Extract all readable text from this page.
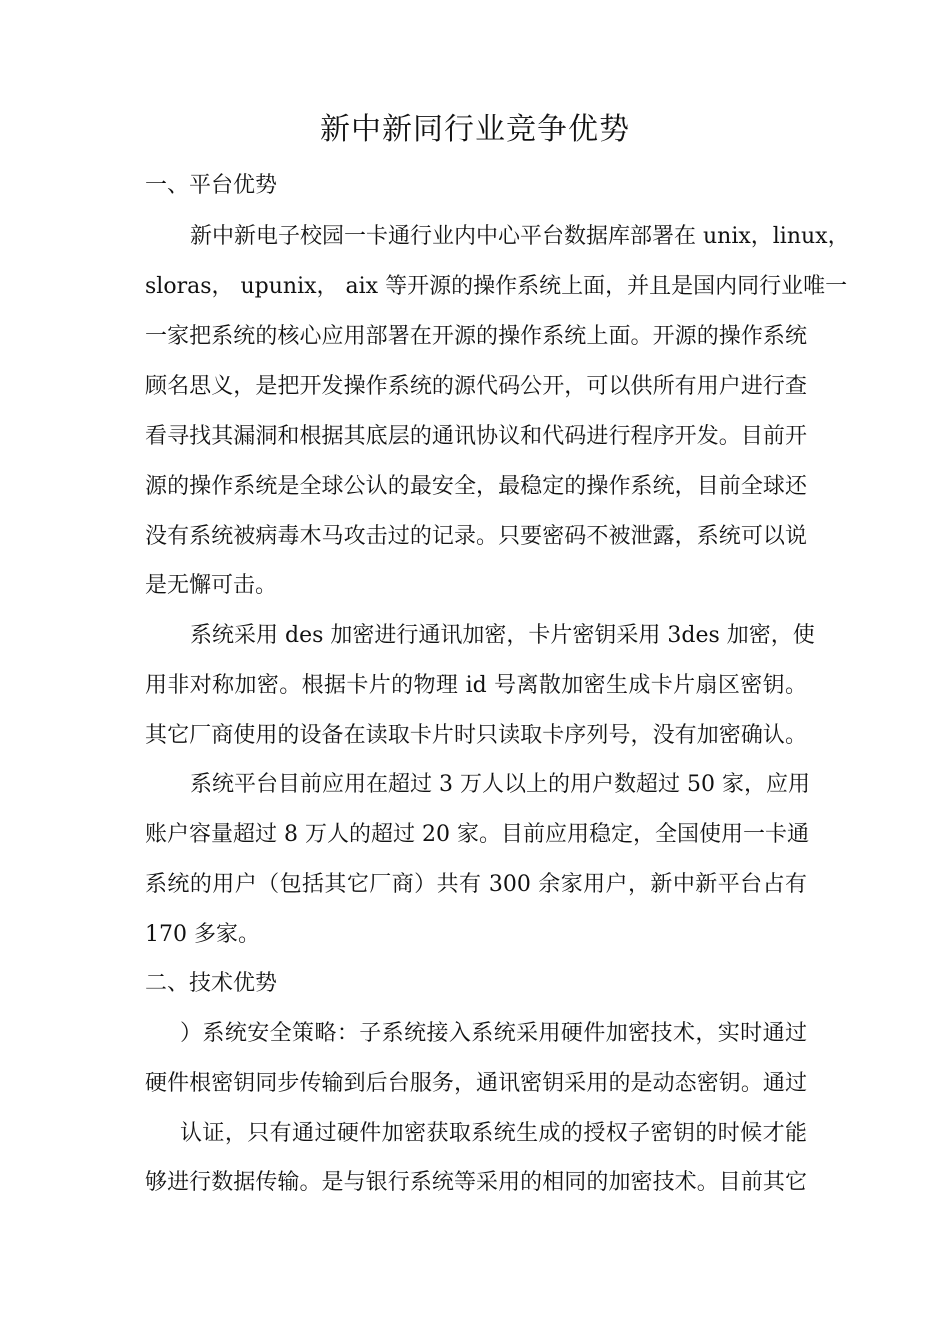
新中新同行业竞争优势
一、平台优势
新中新电子校园一卡通行业内中心平台数据库部署在 unix，linux，
sloras， upunix， aix 等开源的操作系统上面，并且是国内同行业唯一
一家把系统的核心应用部署在开源的操作系统上面。开源的操作系统
顾名思义，是把开发操作系统的源代码公开，可以供所有用户进行查
看寻找其漏洞和根据其底层的通讯协议和代码进行程序开发。目前开
源的操作系统是全球公认的最安全，最稳定的操作系统，目前全球还
没有系统被病毒木马攻击过的记录。只要密码不被泄露，系统可以说
是无懈可击。
系统采用 des 加密进行通讯加密，卡片密钥采用 3des 加密，使
用非对称加密。根据卡片的物理 id 号离散加密生成卡片扇区密钥。
其它厂商使用的设备在读取卡片时只读取卡序列号，没有加密确认。
系统平台目前应用在超过 3 万人以上的用户数超过 50 家，应用
账户容量超过 8 万人的超过 20 家。目前应用稳定，全国使用一卡通
系统的用户（包括其它厂商）共有 300 余家用户，新中新平台占有
170 多家。
二、技术优势
）系统安全策略：子系统接入系统采用硬件加密技术，实时通过
硬件根密钥同步传输到后台服务，通讯密钥采用的是动态密钥。通过
认证，只有通过硬件加密获取系统生成的授权子密钥的时候才能
够进行数据传输。是与银行系统等采用的相同的加密技术。目前其它
